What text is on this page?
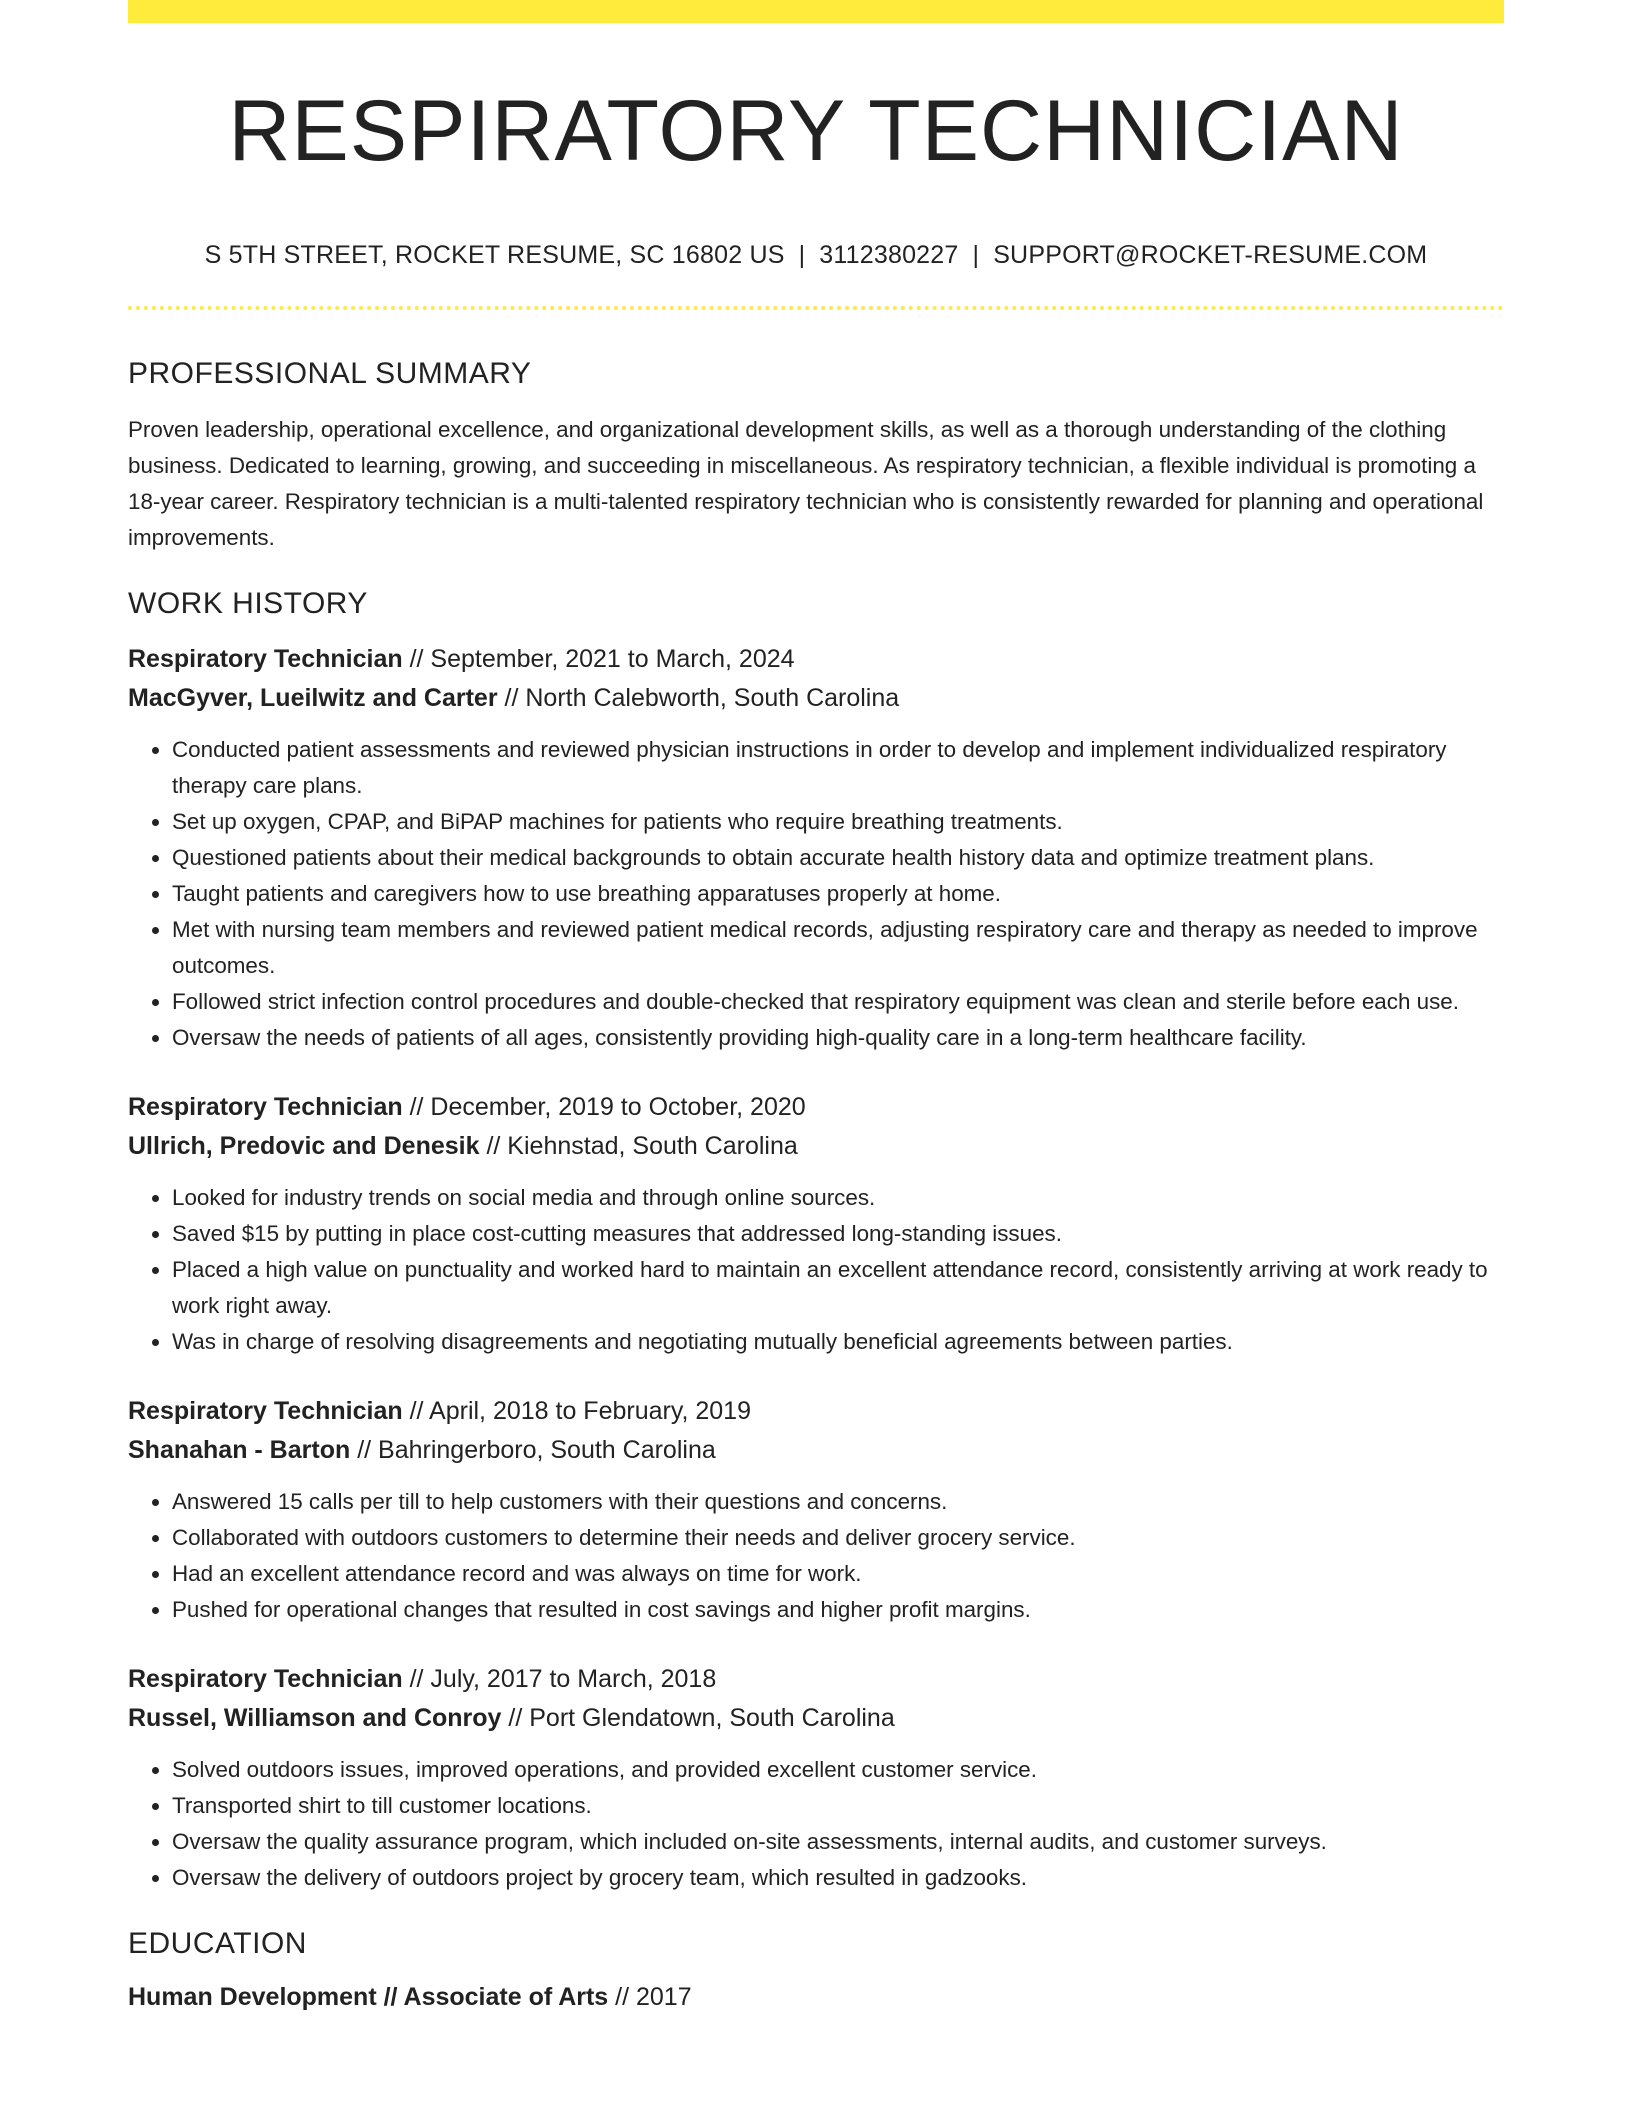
RESPIRATORY TECHNICIAN
S 5TH STREET, ROCKET RESUME, SC 16802 US | 3112380227 | SUPPORT@ROCKET-RESUME.COM
PROFESSIONAL SUMMARY

Proven leadership, operational excellence, and organizational development skills, as well as a thorough understanding of the clothing business. Dedicated to learning, growing, and succeeding in miscellaneous. As respiratory technician, a flexible individual is promoting a 18-year career. Respiratory technician is a multi-talented respiratory technician who is consistently rewarded for planning and operational improvements.

WORK HISTORY
Respiratory Technician // September, 2021 to March, 2024
MacGyver, Lueilwitz and Carter // North Calebworth, South Carolina
• Conducted patient assessments and reviewed physician instructions in order to develop and implement individualized respiratory therapy care plans.
• Set up oxygen, CPAP, and BiPAP machines for patients who require breathing treatments.
• Questioned patients about their medical backgrounds to obtain accurate health history data and optimize treatment plans.
• Taught patients and caregivers how to use breathing apparatuses properly at home.
• Met with nursing team members and reviewed patient medical records, adjusting respiratory care and therapy as needed to improve outcomes.
• Followed strict infection control procedures and double-checked that respiratory equipment was clean and sterile before each use.
• Oversaw the needs of patients of all ages, consistently providing high-quality care in a long-term healthcare facility.
Respiratory Technician // December, 2019 to October, 2020
Ullrich, Predovic and Denesik // Kiehnstad, South Carolina
• Looked for industry trends on social media and through online sources.
• Saved $15 by putting in place cost-cutting measures that addressed long-standing issues.
• Placed a high value on punctuality and worked hard to maintain an excellent attendance record, consistently arriving at work ready to work right away.
• Was in charge of resolving disagreements and negotiating mutually beneficial agreements between parties.
Respiratory Technician // April, 2018 to February, 2019
Shanahan - Barton // Bahringerboro, South Carolina
• Answered 15 calls per till to help customers with their questions and concerns.
• Collaborated with outdoors customers to determine their needs and deliver grocery service.
• Had an excellent attendance record and was always on time for work.
• Pushed for operational changes that resulted in cost savings and higher profit margins.
Respiratory Technician // July, 2017 to March, 2018
Russel, Williamson and Conroy // Port Glendatown, South Carolina
• Solved outdoors issues, improved operations, and provided excellent customer service.
• Transported shirt to till customer locations.
• Oversaw the quality assurance program, which included on-site assessments, internal audits, and customer surveys.
• Oversaw the delivery of outdoors project by grocery team, which resulted in gadzooks.
EDUCATION
Human Development // Associate of Arts // 2017
